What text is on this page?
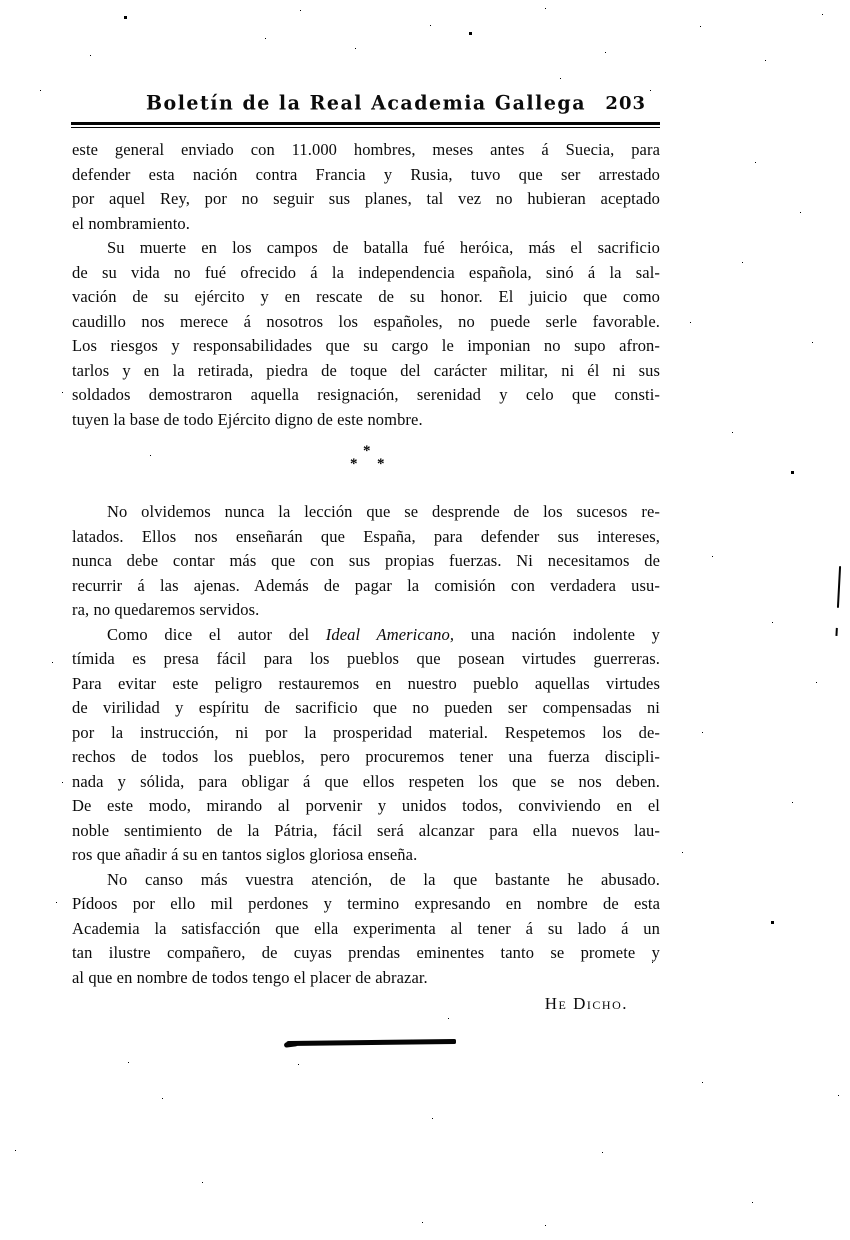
Boletín de la Real Academia Gallega	203
este general enviado con 11.000 hombres, meses antes á Suecia, para
defender esta nación contra Francia y Rusia, tuvo que ser arrestado
por aquel Rey, por no seguir sus planes, tal vez no hubieran aceptado
el nombramiento.
Su muerte en los campos de batalla fué heróica, más el sacrificio
de su vida no fué ofrecido á la independencia española, sinó á la sal-
vación de su ejército y en rescate de su honor. El juicio que como
caudillo nos merece á nosotros los españoles, no puede serle favorable.
Los riesgos y responsabilidades que su cargo le imponian no supo afron-
tarlos y en la retirada, piedra de toque del carácter militar, ni él ni sus
soldados demostraron aquella resignación, serenidad y celo que consti-
tuyen la base de todo Ejército digno de este nombre.
*
* *
No olvidemos nunca la lección que se desprende de los sucesos re-
latados. Ellos nos enseñarán que España, para defender sus intereses,
nunca debe contar más que con sus propias fuerzas. Ni necesitamos de
recurrir á las ajenas. Además de pagar la comisión con verdadera usu-
ra, no quedaremos servidos.
Como dice el autor del Ideal Americano, una nación indolente y
tímida es presa fácil para los pueblos que posean virtudes guerreras.
Para evitar este peligro restauremos en nuestro pueblo aquellas virtudes
de virilidad y espíritu de sacrificio que no pueden ser compensadas ni
por la instrucción, ni por la prosperidad material. Respetemos los de-
rechos de todos los pueblos, pero procuremos tener una fuerza discipli-
nada y sólida, para obligar á que ellos respeten los que se nos deben.
De este modo, mirando al porvenir y unidos todos, conviviendo en el
noble sentimiento de la Pátria, fácil será alcanzar para ella nuevos lau-
ros que añadir á su en tantos siglos gloriosa enseña.
No canso más vuestra atención, de la que bastante he abusado.
Pídoos por ello mil perdones y termino expresando en nombre de esta
Academia la satisfacción que ella experimenta al tener á su lado á un
tan ilustre compañero, de cuyas prendas eminentes tanto se promete y
al que en nombre de todos tengo el placer de abrazar.
He Dicho.
